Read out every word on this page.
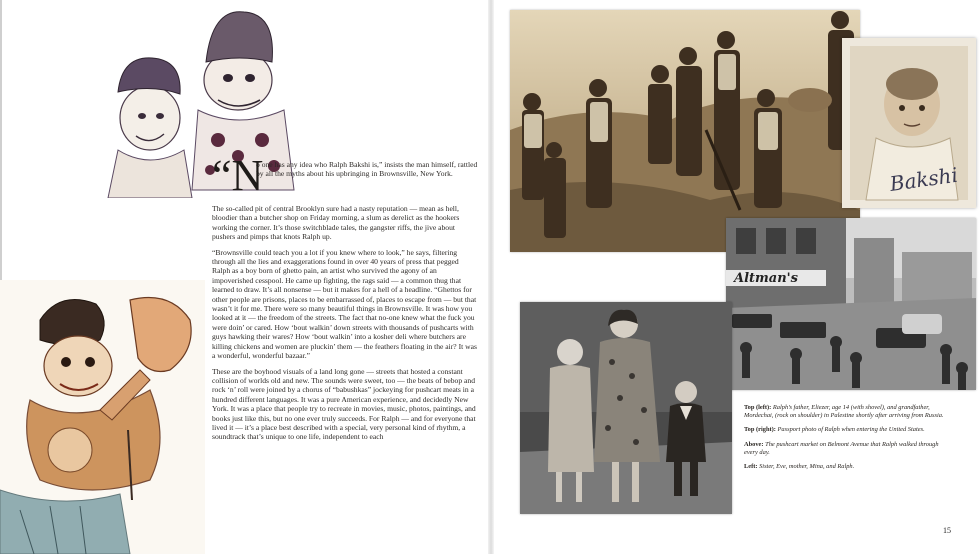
“N
o one has any idea who Ralph Bakshi is,” insists the man himself, rattled by all the myths about his upbringing in Brownsville, New York.

The so-called pit of central Brooklyn sure had a nasty reputation — mean as hell, bloodier than a butcher shop on Friday morning, a slum as derelict as the hookers working the corner. It’s those switchblade tales, the gangster riffs, the jive about pushers and pimps that knots Ralph up.

“Brownsville could teach you a lot if you knew where to look,” he says, filtering through all the lies and exaggerations found in over 40 years of press that pegged Ralph as a boy born of ghetto pain, an artist who survived the agony of an impoverished cesspool. He came up fighting, the rags said — a common thug that learned to draw. It’s all nonsense — but it makes for a hell of a headline. “Ghettos for other people are prisons, places to be embarrassed of, places to escape from — but that wasn’t it for me. There were so many beautiful things in Brownsville. It was how you looked at it — the freedom of the streets. The fact that no-one knew what the fuck you were doin’ or cared. How ‘bout walkin’ down streets with thousands of pushcarts with guys hawking their wares? How ‘bout walkin’ into a kosher deli where butchers are killing chickens and women are pluckin’ them — the feathers floating in the air? It was a wonderful, wonderful bazaar.”

These are the boyhood visuals of a land long gone — streets that hosted a constant collision of worlds old and new. The sounds were sweet, too — the beats of bebop and rock ‘n’ roll were joined by a chorus of “babushkas” jockeying for pushcart meats in a hundred different languages. It was a pure American experience, and decidedly New York. It was a place that people try to recreate in movies, music, photos, paintings, and books just like this, but no one ever truly succeeds. For Ralph — and for everyone that lived it — it’s a place best described with a special, very personal kind of rhythm, a soundtrack that’s unique to one life, independent to each

Bakshi
Altman's

Top (left): Ralph’s father, Eliezer, age 14 (with shovel), and grandfather, Mordechai, (rock on shoulder) in Palestine shortly after arriving from Russia.

Top (right): Passport photo of Ralph when entering the United States.

Above: The pushcart market on Belmont Avenue that Ralph walked through every day.

Left: Sister, Eve, mother, Mina, and Ralph.

15
